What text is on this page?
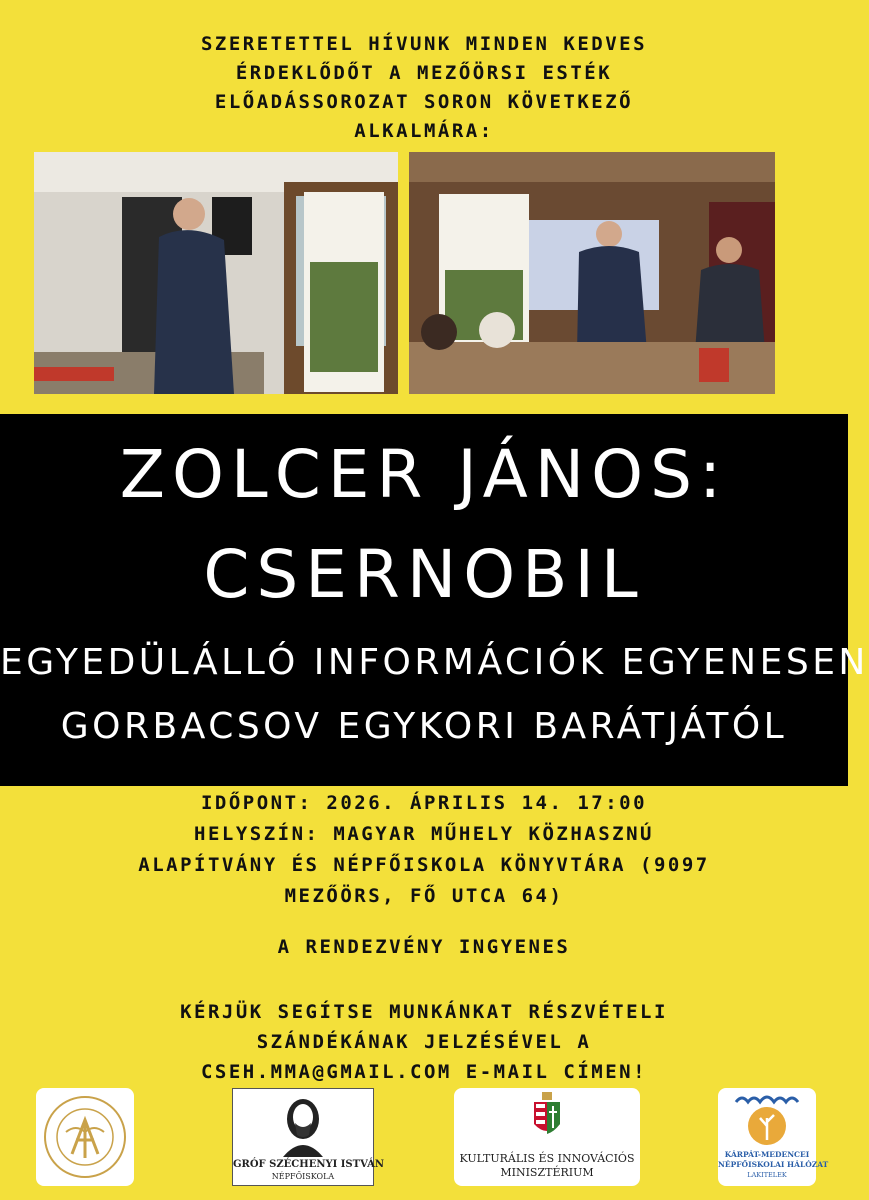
SZERETETTEL HÍVUNK MINDEN KEDVES
ÉRDEKLŐDŐT A MEZŐÖRSI ESTÉK
ELŐADÁSSOROZAT SORON KÖVETKEZŐ
ALKALMÁRA:
ZOLCER JÁNOS:
CSERNOBIL
EGYEDÜLÁLLÓ INFORMÁCIÓK EGYENESEN
GORBACSOV EGYKORI BARÁTJÁTÓL
IDŐPONT: 2026. ÁPRILIS 14. 17:00
HELYSZÍN: MAGYAR MŰHELY KÖZHASZNÚ
ALAPÍTVÁNY ÉS NÉPFŐISKOLA KÖNYVTÁRA (9097
MEZŐÖRS, FŐ UTCA 64)
A RENDEZVÉNY INGYENES
KÉRJÜK SEGÍTSE MUNKÁNKAT RÉSZVÉTELI
SZÁNDÉKÁNAK JELZÉSÉVEL A
CSEH.MMA@GMAIL.COM E-MAIL CÍMEN!
GRÓF SZÉCHENYI ISTVÁN
NÉPFŐISKOLA
KULTURÁLIS ÉS INNOVÁCIÓS
MINISZTÉRIUM
KÁRPÁT-MEDENCEI
NÉPFŐISKOLAI HÁLÓZAT
LAKITELEK
